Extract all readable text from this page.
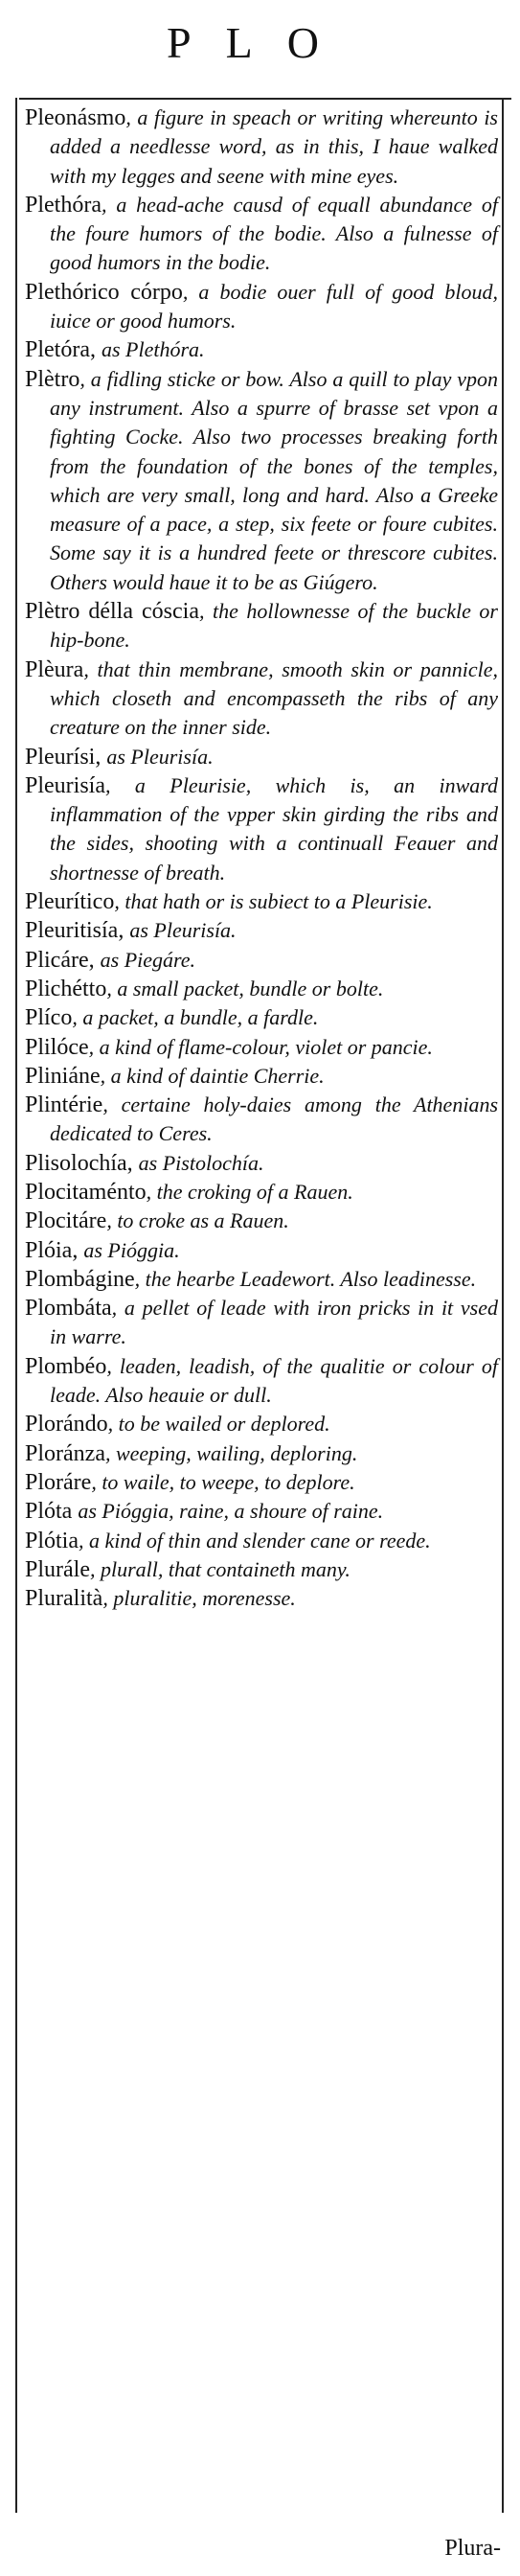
PLO
Pleonásmo, a figure in speach or writing whereunto is added a needlesse word, as in this, I haue walked with my legges and seene with mine eyes.
Plethóra, a head-ache causd of equall abundance of the foure humors of the bodie. Also a fulnesse of good humors in the bodie.
Plethórico córpo, a bodie ouer full of good bloud, iuice or good humors.
Pletóra, as Plethóra.
Plètro, a fidling sticke or bow. Also a quill to play vpon any instrument. Also a spurre of brasse set vpon a fighting Cocke. Also two processes breaking forth from the foundation of the bones of the temples, which are very small, long and hard. Also a Greeke measure of a pace, a step, six feete or foure cubites. Some say it is a hundred feete or threscore cubites. Others would haue it to be as Giúgero.
Plètro délla cóscia, the hollownesse of the buckle or hip-bone.
Plèura, that thin membrane, smooth skin or pannicle, which closeth and encompasseth the ribs of any creature on the inner side.
Pleurísi, as Pleurisía.
Pleurisía, a Pleurisie, which is, an inward inflammation of the vpper skin girding the ribs and the sides, shooting with a continuall Feauer and shortnesse of breath.
Pleurítico, that hath or is subiect to a Pleurisie.
Pleuritisía, as Pleurisía.
Plicáre, as Piegáre.
Plichétto, a small packet, bundle or bolte.
Plíco, a packet, a bundle, a fardle.
Plilóce, a kind of flame-colour, violet or pancie.
Pliniáne, a kind of daintie Cherrie.
Plintérie, certaine holy-daies among the Athenians dedicated to Ceres.
Plisolochía, as Pistolochía.
Plocitaménto, the croking of a Rauen.
Plocitáre, to croke as a Rauen.
Plóia, as Pióggia.
Plombágine, the hearbe Leadewort. Also leadinesse.
Plombáta, a pellet of leade with iron pricks in it vsed in warre.
Plombéo, leaden, leadish, of the qualitie or colour of leade. Also heauie or dull.
Plorándo, to be wailed or deplored.
Ploránza, weeping, wailing, deploring.
Ploráre, to waile, to weepe, to deplore.
Plóta as Pióggia, raine, a shoure of raine.
Plótia, a kind of thin and slender cane or reede.
Plurále, plurall, that containeth many.
Pluralità, pluralitie, morenesse.
Plura-
